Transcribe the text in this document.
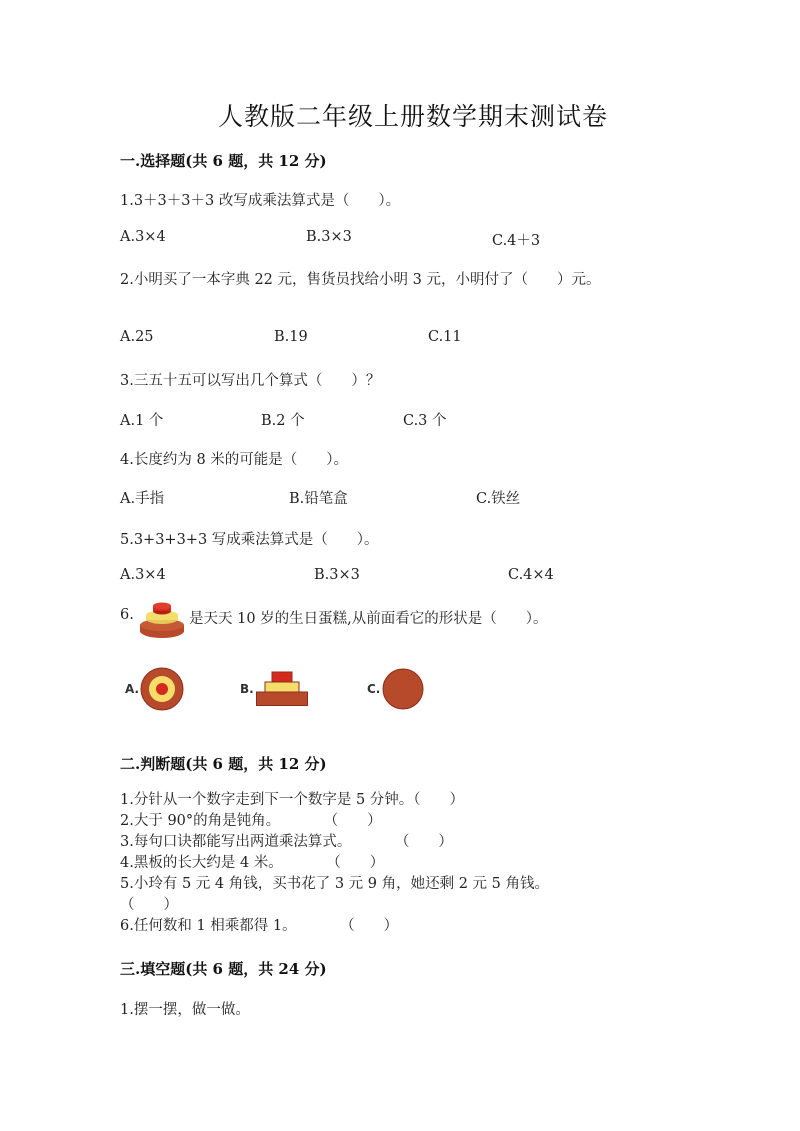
人教版二年级上册数学期末测试卷
一.选择题(共 6 题，共 12 分)
1.3＋3＋3＋3 改写成乘法算式是（　　）。
A.3×4	B.3×3	C.4＋3
2.小明买了一本字典 22 元，售货员找给小明 3 元，小明付了（　　）元。
A.25	B.19	C.11
3.三五十五可以写出几个算式（　　）？
A.1 个	B.2 个	C.3 个
4.长度约为 8 米的可能是（　　）。
A.手指	B.铅笔盒	C.铁丝
5.3+3+3+3 写成乘法算式是（　　）。
A.3×4	B.3×3	C.4×4
6.	是天天 10 岁的生日蛋糕,从前面看它的形状是（　　）。
A.	B.	C.
二.判断题(共 6 题，共 12 分)
1.分针从一个数字走到下一个数字是 5 分钟。（　　）
2.大于 90°的角是钝角。　　　　（　　）
3.每句口诀都能写出两道乘法算式。　　　　（　　）
4.黑板的长大约是 4 米。　　　　（　　）
5.小玲有 5 元 4 角钱，买书花了 3 元 9 角，她还剩 2 元 5 角钱。
（　　）
6.任何数和 1 相乘都得 1。　　　　（　　）
三.填空题(共 6 题，共 24 分)
1.摆一摆，做一做。
